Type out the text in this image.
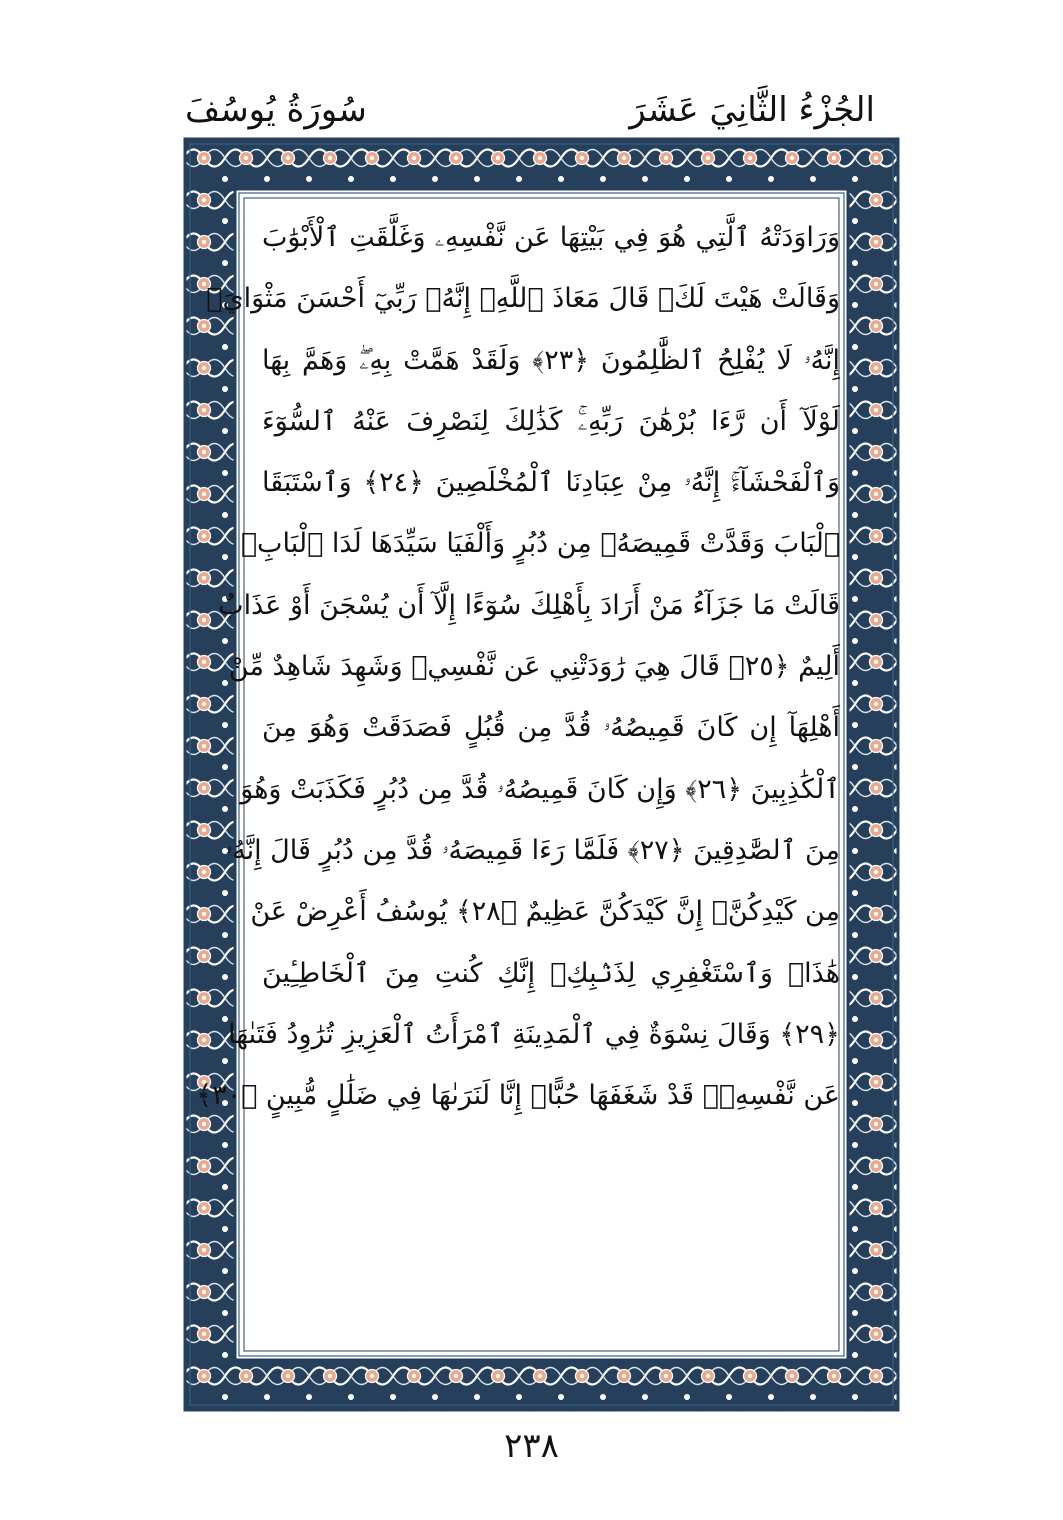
الجُزْءُ الثَّانِيَ عَشَرَ
سُورَةُ يُوسُفَ
وَرَاوَدَتْهُ ٱلَّتِي هُوَ فِي بَيْتِهَا عَن نَّفْسِهِۦ وَغَلَّقَتِ ٱلْأَبْوَٰبَ
وَقَالَتْ هَيْتَ لَكَۚ قَالَ مَعَاذَ ٱللَّهِۖ إِنَّهُۥ رَبِّيٓ أَحْسَنَ مَثْوَايَۖ
إِنَّهُۥ لَا يُفْلِحُ ٱلظَّٰلِمُونَ ﴿٢٣﴾ وَلَقَدْ هَمَّتْ بِهِۦۖ وَهَمَّ بِهَا
لَوْلَآ أَن رَّءَا بُرْهَٰنَ رَبِّهِۦۚ كَذَٰلِكَ لِنَصْرِفَ عَنْهُ ٱلسُّوٓءَ
وَٱلْفَحْشَآءَۚ إِنَّهُۥ مِنْ عِبَادِنَا ٱلْمُخْلَصِينَ ﴿٢٤﴾ وَٱسْتَبَقَا
ٱلْبَابَ وَقَدَّتْ قَمِيصَهُۥ مِن دُبُرٍ وَأَلْفَيَا سَيِّدَهَا لَدَا ٱلْبَابِۚ
قَالَتْ مَا جَزَآءُ مَنْ أَرَادَ بِأَهْلِكَ سُوٓءًا إِلَّآ أَن يُسْجَنَ أَوْ عَذَابٌ
أَلِيمٌ ﴿٢٥﴾ قَالَ هِيَ رَٰوَدَتْنِي عَن نَّفْسِيۚ وَشَهِدَ شَاهِدٌ مِّنْ
أَهْلِهَآ إِن كَانَ قَمِيصُهُۥ قُدَّ مِن قُبُلٍ فَصَدَقَتْ وَهُوَ مِنَ
ٱلْكَٰذِبِينَ ﴿٢٦﴾ وَإِن كَانَ قَمِيصُهُۥ قُدَّ مِن دُبُرٍ فَكَذَبَتْ وَهُوَ
مِنَ ٱلصَّٰدِقِينَ ﴿٢٧﴾ فَلَمَّا رَءَا قَمِيصَهُۥ قُدَّ مِن دُبُرٍ قَالَ إِنَّهُۥ
مِن كَيْدِكُنَّۖ إِنَّ كَيْدَكُنَّ عَظِيمٌ ﴿٢٨﴾ يُوسُفُ أَعْرِضْ عَنْ
هَٰذَاۚ وَٱسْتَغْفِرِي لِذَنۢبِكِۖ إِنَّكِ كُنتِ مِنَ ٱلْخَاطِـِٔينَ
﴿٢٩﴾ وَقَالَ نِسْوَةٌ فِي ٱلْمَدِينَةِ ٱمْرَأَتُ ٱلْعَزِيزِ تُرَٰوِدُ فَتَىٰهَا
عَن نَّفْسِهِۦۖ قَدْ شَغَفَهَا حُبًّاۖ إِنَّا لَنَرَىٰهَا فِي ضَلَٰلٍ مُّبِينٍ ﴿٣٠﴾
٢٣٨
